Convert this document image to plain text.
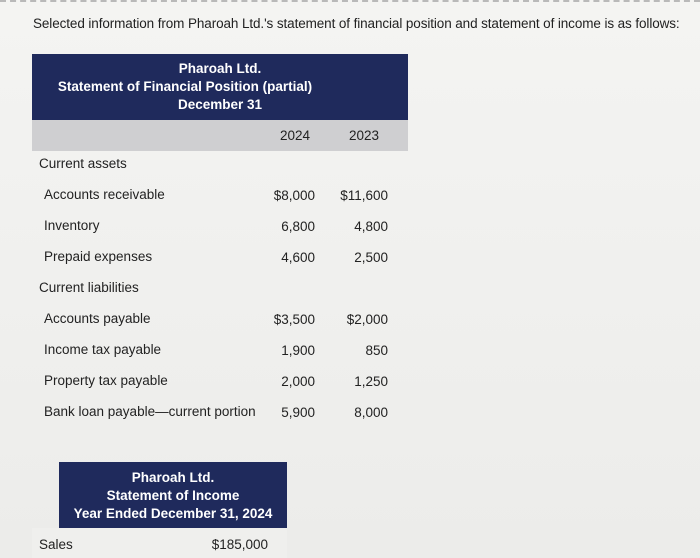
Selected information from Pharoah Ltd.'s statement of financial position and statement of income is as follows:
Pharoah Ltd.
Statement of Financial Position (partial)
December 31
2024	2023
Current assets
Accounts receivable	$8,000	$11,600
Inventory	6,800	4,800
Prepaid expenses	4,600	2,500
Current liabilities
Accounts payable	$3,500	$2,000
Income tax payable	1,900	850
Property tax payable	2,000	1,250
Bank loan payable—current portion	5,900	8,000
Pharoah Ltd.
Statement of Income
Year Ended December 31, 2024
Sales	$185,000
